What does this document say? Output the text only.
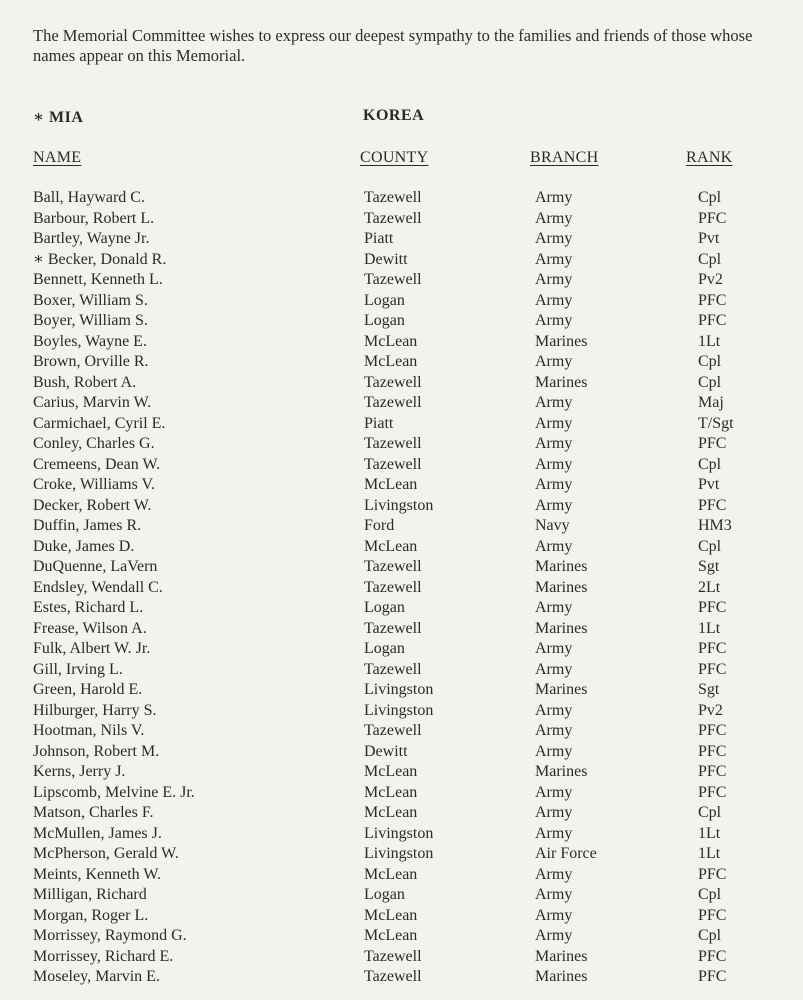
The Memorial Committee wishes to express our deepest sympathy to the families and friends of those whose names appear on this Memorial.
∗ MIA	KOREA
NAME	COUNTY	BRANCH	RANK
Ball, Hayward C.	Tazewell	Army	Cpl
Barbour, Robert L.	Tazewell	Army	PFC
Bartley, Wayne Jr.	Piatt	Army	Pvt
∗ Becker, Donald R.	Dewitt	Army	Cpl
Bennett, Kenneth L.	Tazewell	Army	Pv2
Boxer, William S.	Logan	Army	PFC
Boyer, William S.	Logan	Army	PFC
Boyles, Wayne E.	McLean	Marines	1Lt
Brown, Orville R.	McLean	Army	Cpl
Bush, Robert A.	Tazewell	Marines	Cpl
Carius, Marvin W.	Tazewell	Army	Maj
Carmichael, Cyril E.	Piatt	Army	T/Sgt
Conley, Charles G.	Tazewell	Army	PFC
Cremeens, Dean W.	Tazewell	Army	Cpl
Croke, Williams V.	McLean	Army	Pvt
Decker, Robert W.	Livingston	Army	PFC
Duffin, James R.	Ford	Navy	HM3
Duke, James D.	McLean	Army	Cpl
DuQuenne, LaVern	Tazewell	Marines	Sgt
Endsley, Wendall C.	Tazewell	Marines	2Lt
Estes, Richard L.	Logan	Army	PFC
Frease, Wilson A.	Tazewell	Marines	1Lt
Fulk, Albert W. Jr.	Logan	Army	PFC
Gill, Irving L.	Tazewell	Army	PFC
Green, Harold E.	Livingston	Marines	Sgt
Hilburger, Harry S.	Livingston	Army	Pv2
Hootman, Nils V.	Tazewell	Army	PFC
Johnson, Robert M.	Dewitt	Army	PFC
Kerns, Jerry J.	McLean	Marines	PFC
Lipscomb, Melvine E. Jr.	McLean	Army	PFC
Matson, Charles F.	McLean	Army	Cpl
McMullen, James J.	Livingston	Army	1Lt
McPherson, Gerald W.	Livingston	Air Force	1Lt
Meints, Kenneth W.	McLean	Army	PFC
Milligan, Richard	Logan	Army	Cpl
Morgan, Roger L.	McLean	Army	PFC
Morrissey, Raymond G.	McLean	Army	Cpl
Morrissey, Richard E.	Tazewell	Marines	PFC
Moseley, Marvin E.	Tazewell	Marines	PFC
